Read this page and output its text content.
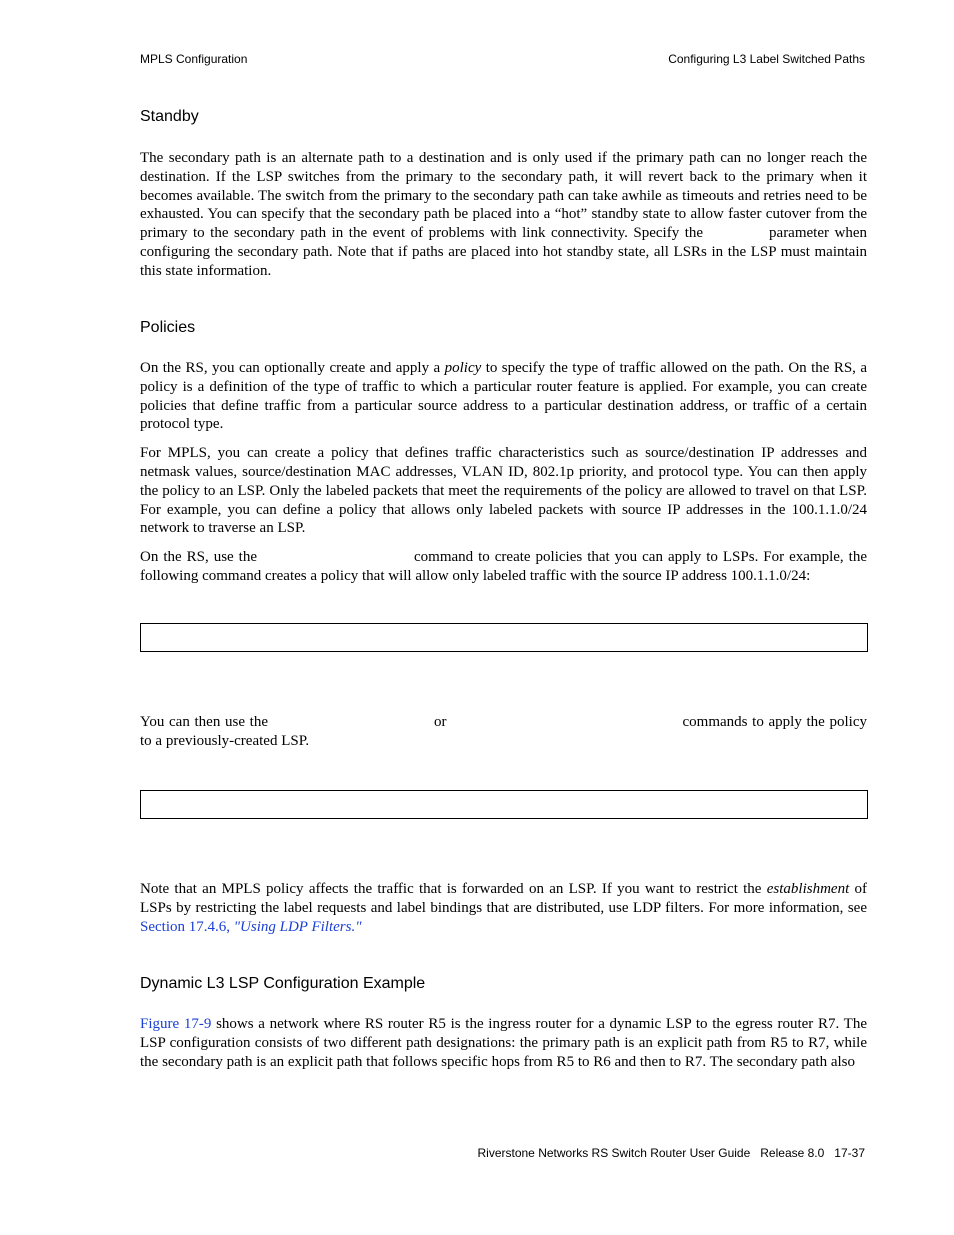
MPLS Configuration	Configuring L3 Label Switched Paths
Standby

The secondary path is an alternate path to a destination and is only used if the primary path can no longer reach the destination. If the LSP switches from the primary to the secondary path, it will revert back to the primary when it becomes available. The switch from the primary to the secondary path can take awhile as timeouts and retries need to be exhausted. You can specify that the secondary path be placed into a “hot” standby state to allow faster cutover from the primary to the secondary path in the event of problems with link connectivity. Specify the	parameter when configuring the secondary path. Note that if paths are placed into hot standby state, all LSRs in the LSP must maintain this state information.

Policies

On the RS, you can optionally create and apply a policy to specify the type of traffic allowed on the path. On the RS, a policy is a definition of the type of traffic to which a particular router feature is applied. For example, you can create policies that define traffic from a particular source address to a particular destination address, or traffic of a certain protocol type.

For MPLS, you can create a policy that defines traffic characteristics such as source/destination IP addresses and netmask values, source/destination MAC addresses, VLAN ID, 802.1p priority, and protocol type. You can then apply the policy to an LSP. Only the labeled packets that meet the requirements of the policy are allowed to travel on that LSP. For example, you can define a policy that allows only labeled packets with source IP addresses in the 100.1.1.0/24 network to traverse an LSP.

On the RS, use the	command to create policies that you can apply to LSPs. For example, the following command creates a policy that will allow only labeled traffic with the source IP address 100.1.1.0/24:

You can then use the	or	commands to apply the policy to a previously-created LSP.

Note that an MPLS policy affects the traffic that is forwarded on an LSP. If you want to restrict the establishment of LSPs by restricting the label requests and label bindings that are distributed, use LDP filters. For more information, see Section 17.4.6, "Using LDP Filters."

Dynamic L3 LSP Configuration Example

Figure 17-9 shows a network where RS router R5 is the ingress router for a dynamic LSP to the egress router R7. The LSP configuration consists of two different path designations: the primary path is an explicit path from R5 to R7, while the secondary path is an explicit path that follows specific hops from R5 to R6 and then to R7. The secondary path also

Riverstone Networks RS Switch Router User Guide   Release 8.0   17-37
